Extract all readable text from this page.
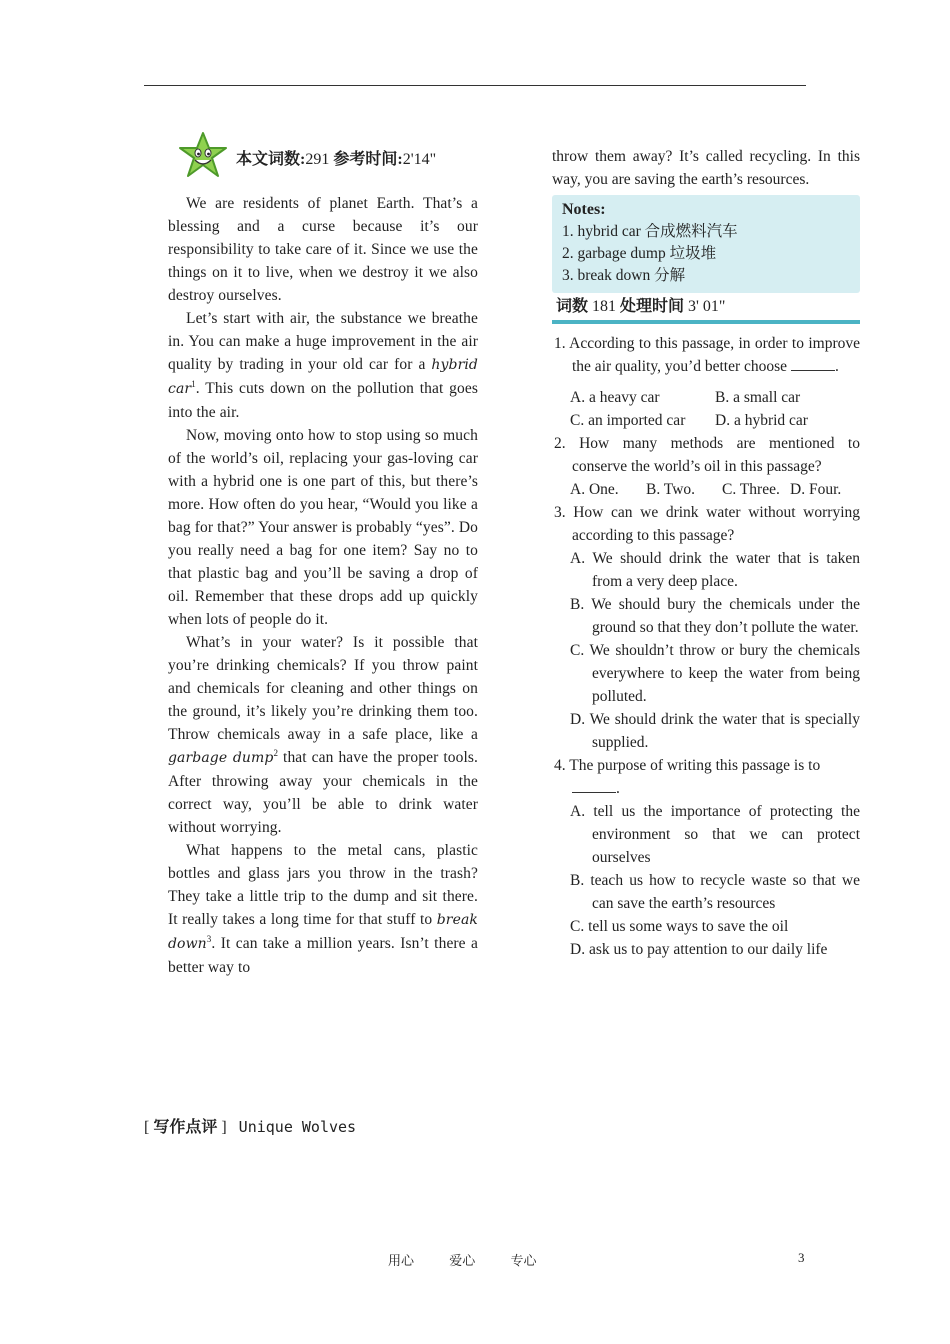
本文词数:291 参考时间:2'14"

We are residents of planet Earth. That’s a blessing and a curse because it’s our responsibility to take care of it. Since we use the things on it to live, when we destroy it we also destroy ourselves.

Let’s start with air, the substance we breathe in. You can make a huge improvement in the air quality by trading in your old car for a hybrid car$^1$. This cuts down on the pollution that goes into the air.

Now, moving onto how to stop using so much of the world’s oil, replacing your gas-loving car with a hybrid one is one part of this, but there’s more. How often do you hear, “Would you like a bag for that?” Your answer is probably “yes”. Do you really need a bag for one item? Say no to that plastic bag and you’ll be saving a drop of oil. Remember that these drops add up quickly when lots of people do it.

What’s in your water? Is it possible that you’re drinking chemicals? If you throw paint and chemicals for cleaning and other things on the ground, it’s likely you’re drinking them too. Throw chemicals away in a safe place, like a garbage dump$^2$ that can have the proper tools. After throwing away your chemicals in the correct way, you’ll be able to drink water without worrying.

What happens to the metal cans, plastic bottles and glass jars you throw in the trash? They take a little trip to the dump and sit there. It really takes a long time for that stuff to break down$^3$. It can take a million years. Isn’t there a better way to

throw them away? It’s called recycling. In this way, you are saving the earth’s resources.

Notes:
1. hybrid car 合成燃料汽车
2. garbage dump 垃圾堆
3. break down 分解
词数 181 处理时间 3' 01"

1. According to this passage, in order to improve the air quality, you’d better choose	.

A. a heavy car	B. a small car
C. an imported car	D. a hybrid car

2. How many methods are mentioned to conserve the world’s oil in this passage?

A. One.	B. Two.	C. Three. D. Four.

3. How can we drink water without worrying according to this passage?

A. We should drink the water that is taken from a very deep place.

B. We should bury the chemicals under the ground so that they don’t pollute the water.

C. We shouldn’t throw or bury the chemicals everywhere to keep the water from being polluted.

D. We should drink the water that is specially supplied.

4. The purpose of writing this passage is to
.

A. tell us the importance of protecting the environment so that we can protect ourselves

B. teach us how to recycle waste so that we can save the earth’s resources

C. tell us some ways to save the oil

D. ask us to pay attention to our daily life

[ 写作点评 ] Unique Wolves
用心	爱心	专心	3
